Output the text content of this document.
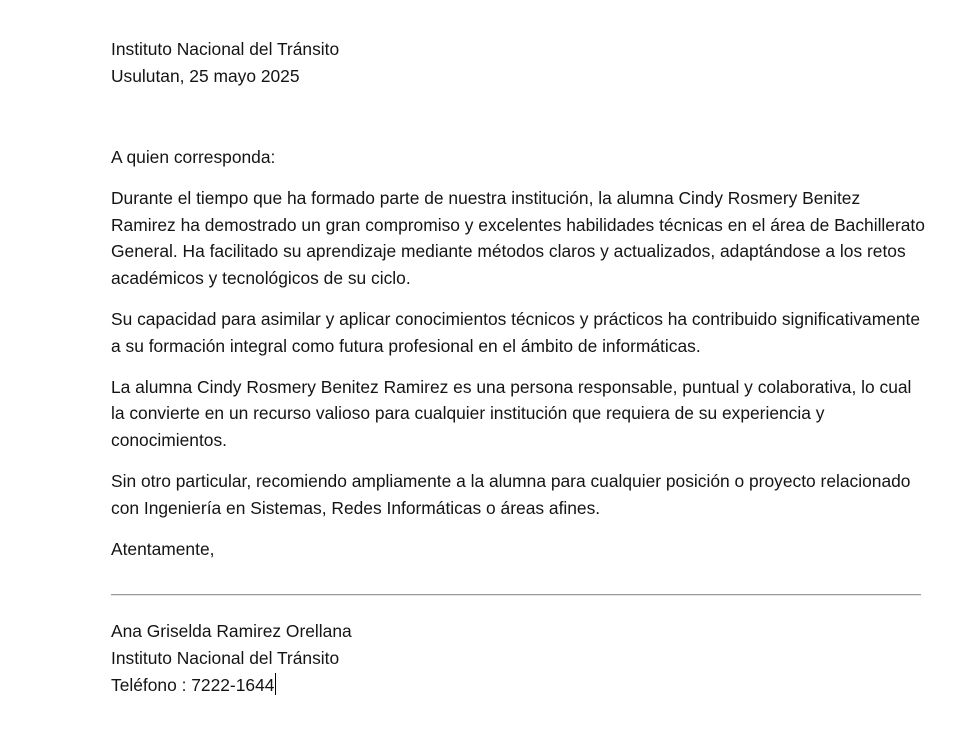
Instituto Nacional del Tránsito
Usulutan, 25 mayo 2025
A quien corresponda:

Durante el tiempo que ha formado parte de nuestra institución, la alumna Cindy Rosmery Benitez Ramirez ha demostrado un gran compromiso y excelentes habilidades técnicas en el área de Bachillerato General. Ha facilitado su aprendizaje mediante métodos claros y actualizados, adaptándose a los retos académicos y tecnológicos de su ciclo.

Su capacidad para asimilar y aplicar conocimientos técnicos y prácticos ha contribuido significativamente a su formación integral como futura profesional en el ámbito de informáticas.

La alumna Cindy Rosmery Benitez Ramirez es una persona responsable, puntual y colaborativa, lo cual la convierte en un recurso valioso para cualquier institución que requiera de su experiencia y conocimientos.

Sin otro particular, recomiendo ampliamente a la alumna para cualquier posición o proyecto relacionado con Ingeniería en Sistemas, Redes Informáticas o áreas afines.

Atentamente,
Ana Griselda Ramirez Orellana
Instituto Nacional del Tránsito
Teléfono : 7222-1644
